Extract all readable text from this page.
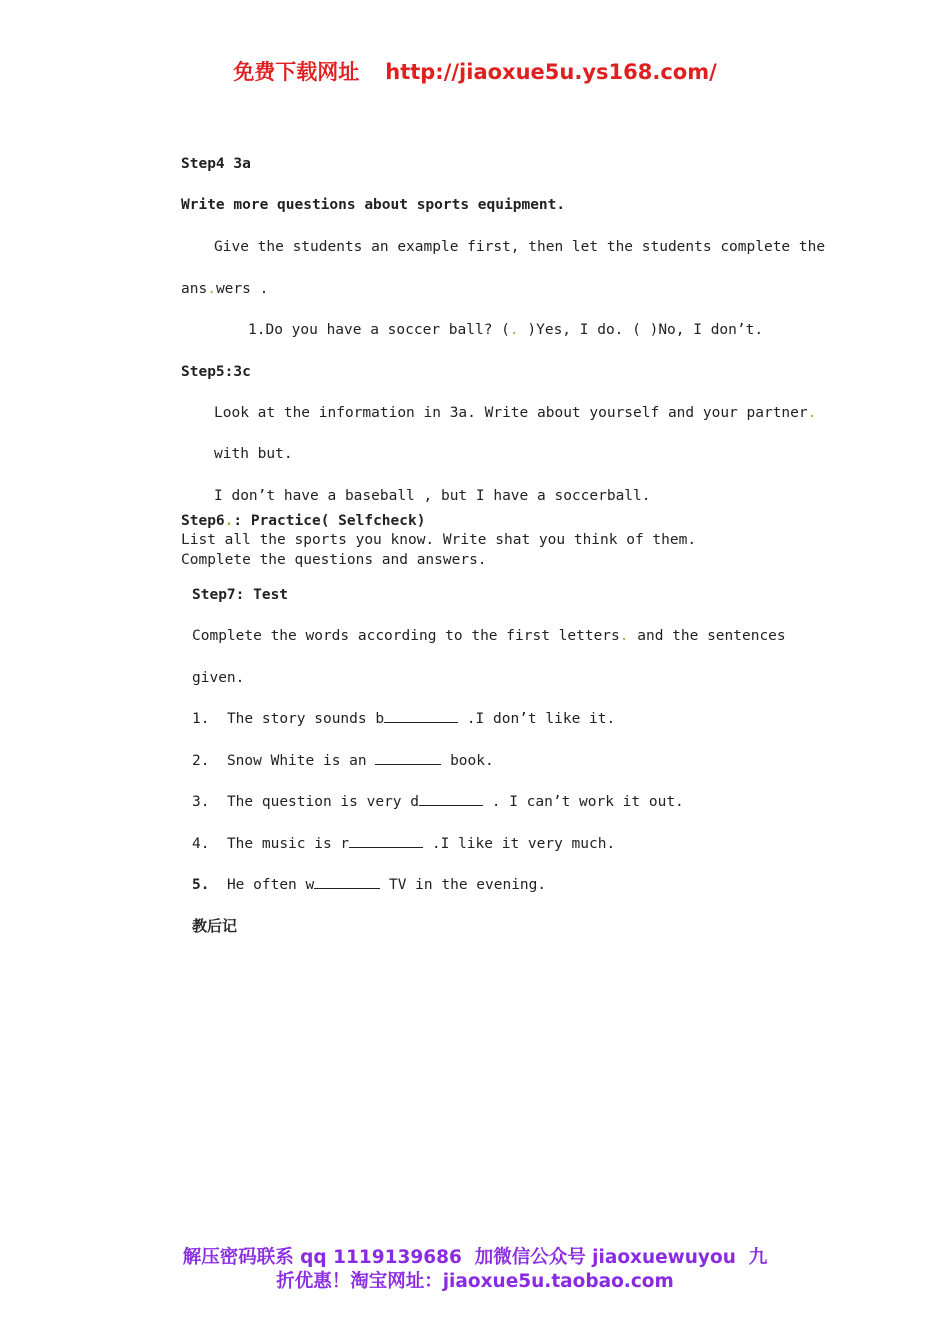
免费下载网址 http://jiaoxue5u.ys168.com/
Step4 3a
Write more questions about sports equipment.
Give the students an example first, then let the students complete the
ans.wers .
1.Do you have a soccer ball? (. )Yes, I do. ( )No, I don’t.
Step5:3c
Look at the information in 3a. Write about yourself and your partner.
with but.
I don’t have a baseball , but I have a soccerball.
Step6.: Practice( Selfcheck)
List all the sports you know. Write shat you think of them.
Complete the questions and answers.
Step7: Test
Complete the words according to the first letters. and the sentences
given.
1. The story sounds b	.I don’t like it.
2. Snow White is an	book.
3. The question is very d	. I can’t work it out.
4. The music is r	.I like it very much.
5. He often w	TV in the evening.
教后记
解压密码联系 qq 1119139686  加微信公众号 jiaoxuewuyou  九
折优惠！淘宝网址：jiaoxue5u.taobao.com
